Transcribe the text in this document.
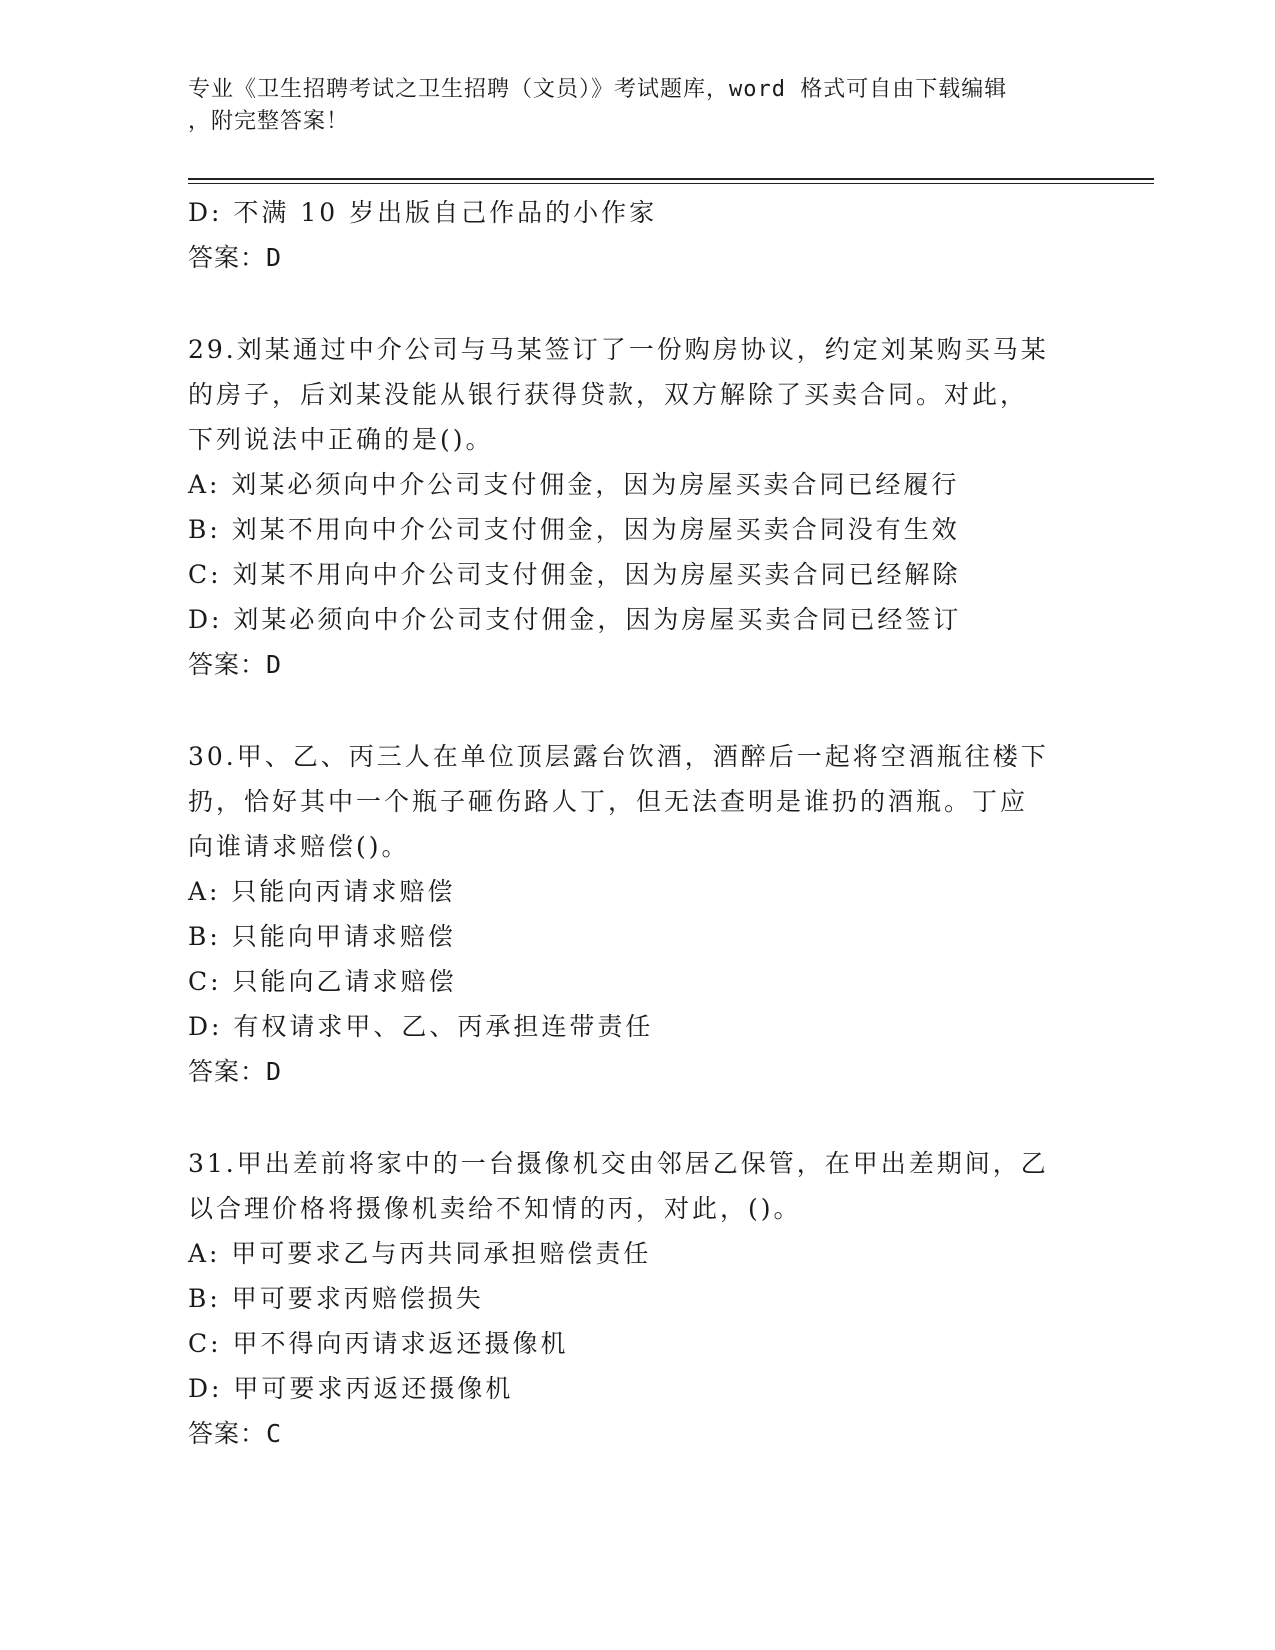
专业《卫生招聘考试之卫生招聘（文员）》考试题库，word 格式可自由下载编辑
，附完整答案！
D: 不满 10 岁出版自己作品的小作家
答案：D
29.刘某通过中介公司与马某签订了一份购房协议，约定刘某购买马某
的房子，后刘某没能从银行获得贷款，双方解除了买卖合同。对此，
下列说法中正确的是()。
A: 刘某必须向中介公司支付佣金，因为房屋买卖合同已经履行
B: 刘某不用向中介公司支付佣金，因为房屋买卖合同没有生效
C: 刘某不用向中介公司支付佣金，因为房屋买卖合同已经解除
D: 刘某必须向中介公司支付佣金，因为房屋买卖合同已经签订
答案：D
30.甲、乙、丙三人在单位顶层露台饮酒，酒醉后一起将空酒瓶往楼下
扔，恰好其中一个瓶子砸伤路人丁，但无法查明是谁扔的酒瓶。丁应
向谁请求赔偿()。
A: 只能向丙请求赔偿
B: 只能向甲请求赔偿
C: 只能向乙请求赔偿
D: 有权请求甲、乙、丙承担连带责任
答案：D
31.甲出差前将家中的一台摄像机交由邻居乙保管，在甲出差期间，乙
以合理价格将摄像机卖给不知情的丙，对此，()。
A: 甲可要求乙与丙共同承担赔偿责任
B: 甲可要求丙赔偿损失
C: 甲不得向丙请求返还摄像机
D: 甲可要求丙返还摄像机
答案：C
